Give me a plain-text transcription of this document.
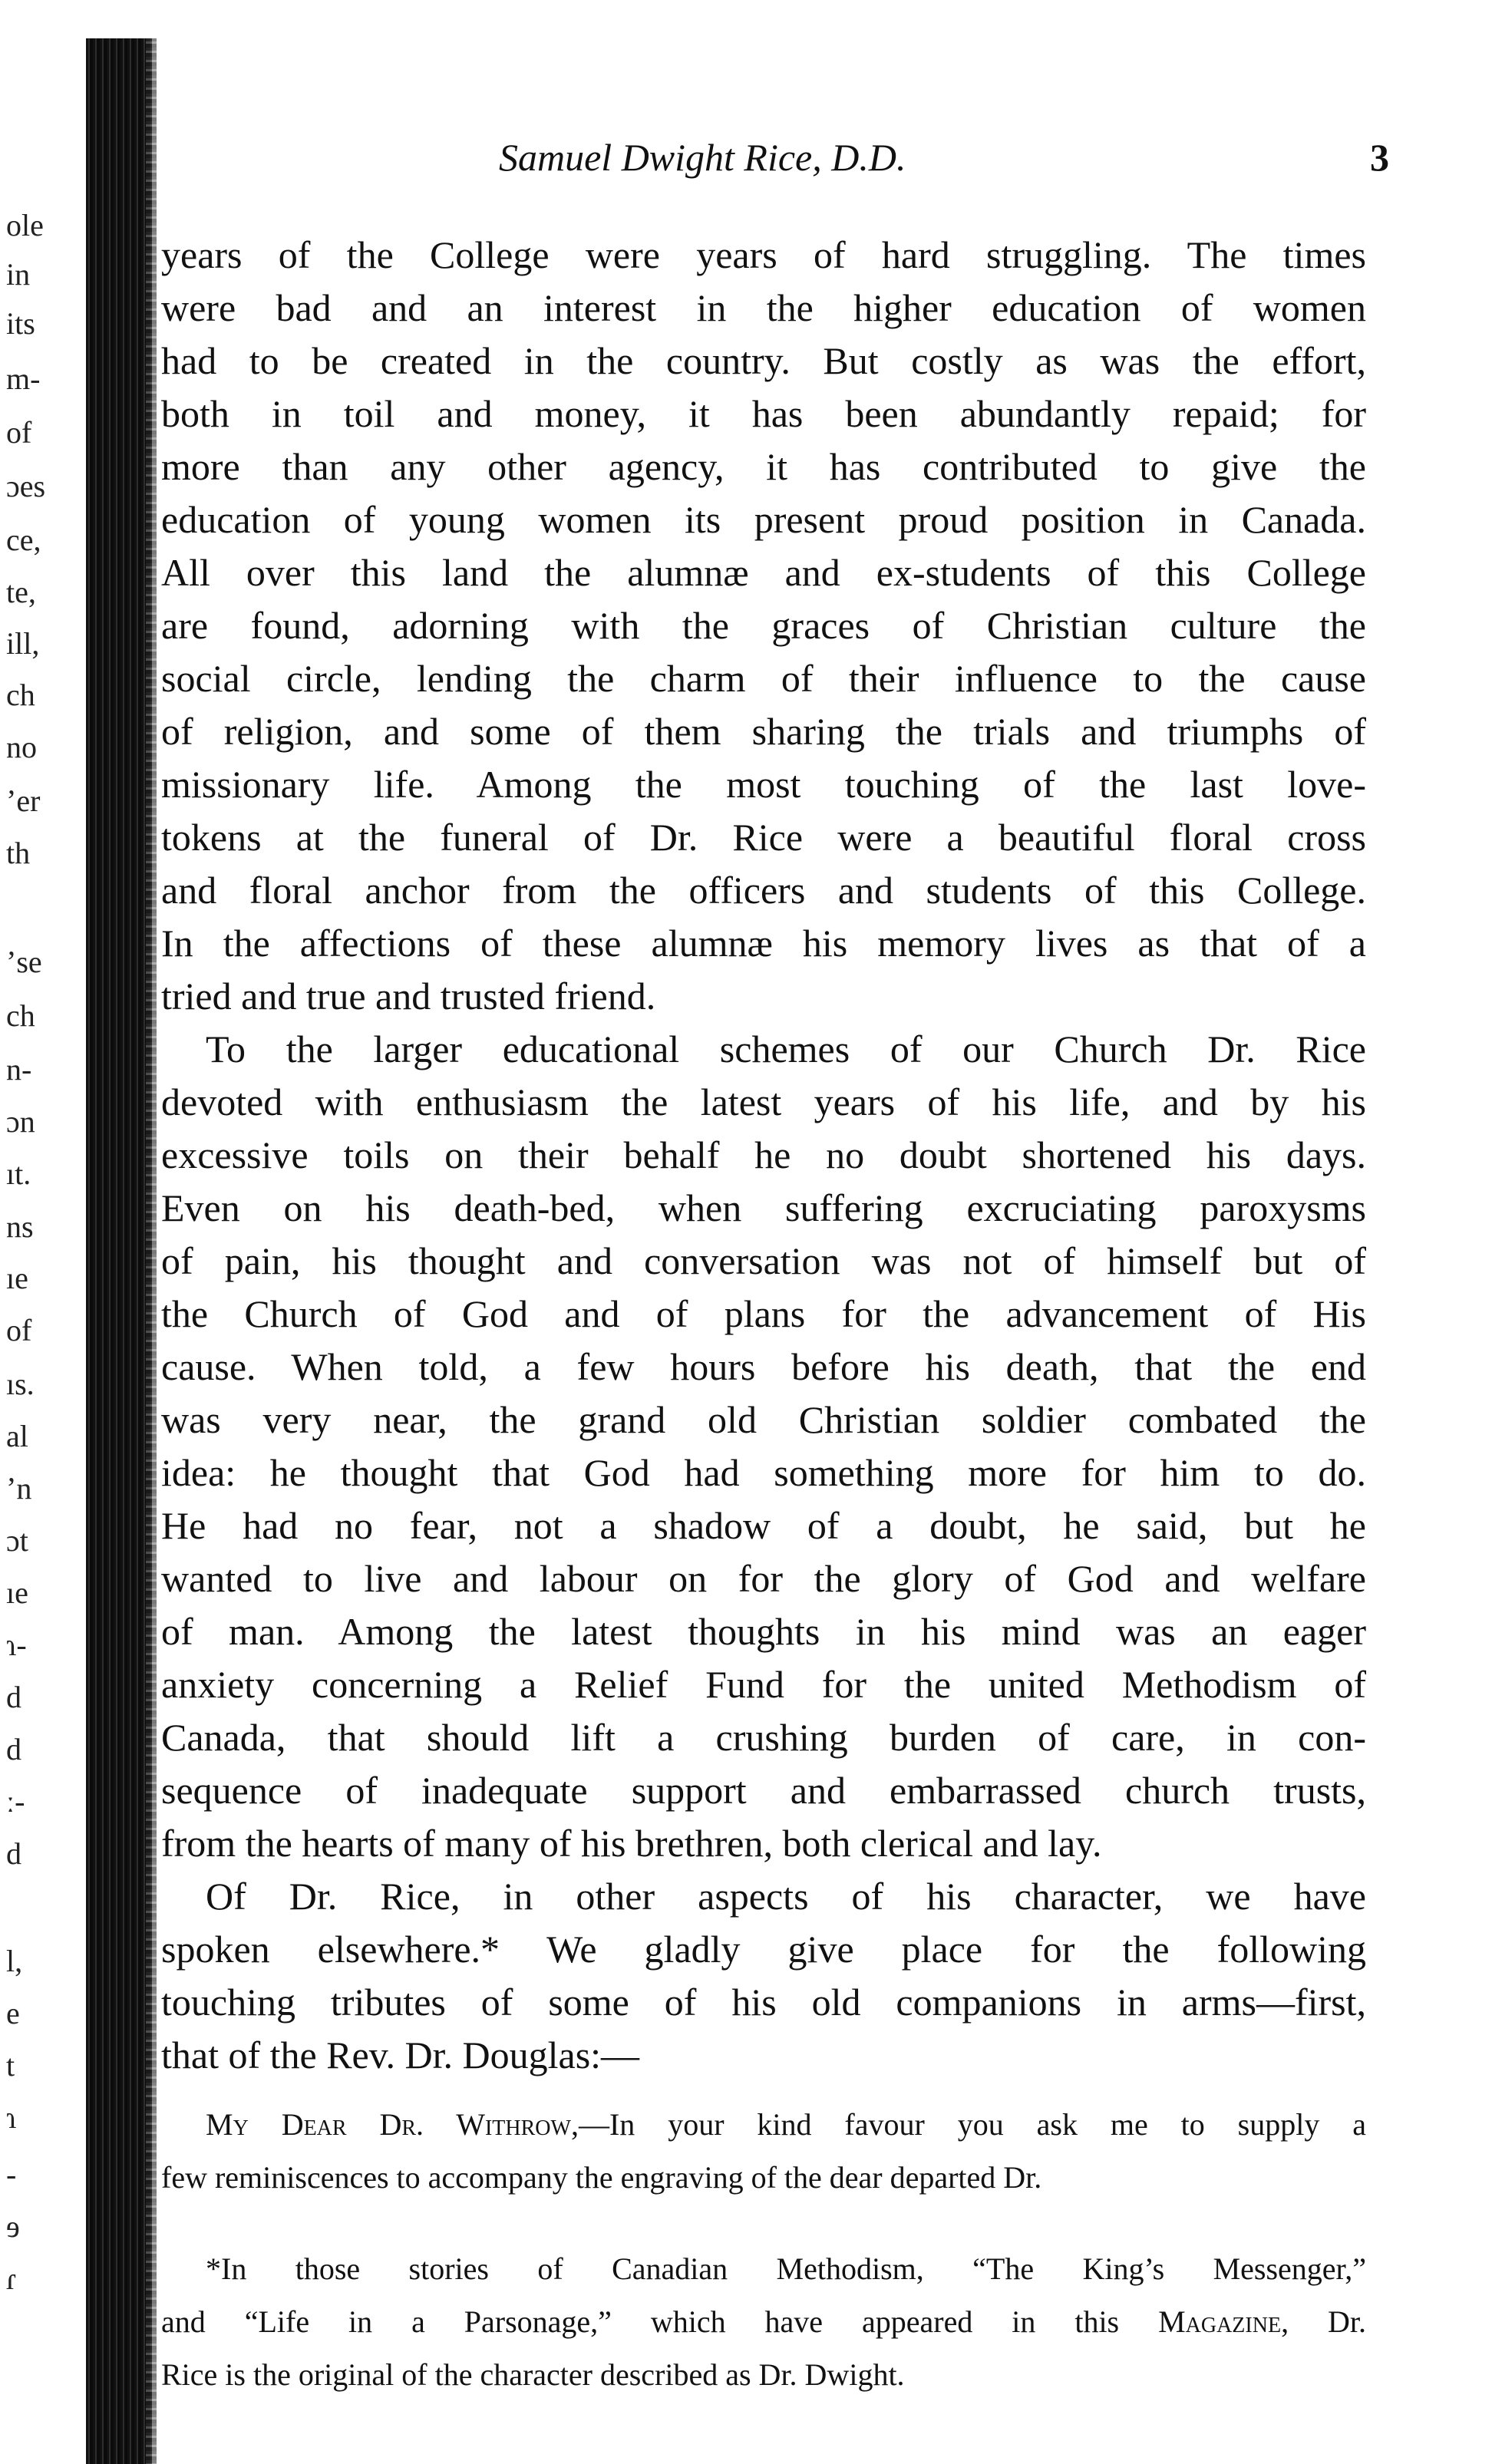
ole
in
its
m-
of
ɔes
ce,
te,
ill,
ch
no
ʼer
th
ʼse
ch
n-
ɔn
ıt.
ns
ıe
of
ıs.
al
ʼn
ɔt
ıe
ɿ-
d
d
ː-
d
l,
e
t
ɿ
-
ɘ
ɾ
Samuel Dwight Rice, D.D.	3
years of the College were years of hard struggling. The times
were bad and an interest in the higher education of women
had to be created in the country. But costly as was the effort,
both in toil and money, it has been abundantly repaid; for
more than any other agency, it has contributed to give the
education of young women its present proud position in Canada.
All over this land the alumnæ and ex-students of this College
are found, adorning with the graces of Christian culture the
social circle, lending the charm of their influence to the cause
of religion, and some of them sharing the trials and triumphs of
missionary life. Among the most touching of the last love-
tokens at the funeral of Dr. Rice were a beautiful floral cross
and floral anchor from the officers and students of this College.
In the affections of these alumnæ his memory lives as that of a
tried and true and trusted friend.
To the larger educational schemes of our Church Dr. Rice
devoted with enthusiasm the latest years of his life, and by his
excessive toils on their behalf he no doubt shortened his days.
Even on his death-bed, when suffering excruciating paroxysms
of pain, his thought and conversation was not of himself but of
the Church of God and of plans for the advancement of His
cause. When told, a few hours before his death, that the end
was very near, the grand old Christian soldier combated the
idea: he thought that God had something more for him to do.
He had no fear, not a shadow of a doubt, he said, but he
wanted to live and labour on for the glory of God and welfare
of man. Among the latest thoughts in his mind was an eager
anxiety concerning a Relief Fund for the united Methodism of
Canada, that should lift a crushing burden of care, in con-
sequence of inadequate support and embarrassed church trusts,
from the hearts of many of his brethren, both clerical and lay.
Of Dr. Rice, in other aspects of his character, we have
spoken elsewhere.* We gladly give place for the following
touching tributes of some of his old companions in arms—first,
that of the Rev. Dr. Douglas:—
My Dear Dr. Withrow,—In your kind favour you ask me to supply a
few reminiscences to accompany the engraving of the dear departed Dr.
*In those stories of Canadian Methodism, “The King’s Messenger,”
and “Life in a Parsonage,” which have appeared in this Magazine, Dr.
Rice is the original of the character described as Dr. Dwight.
